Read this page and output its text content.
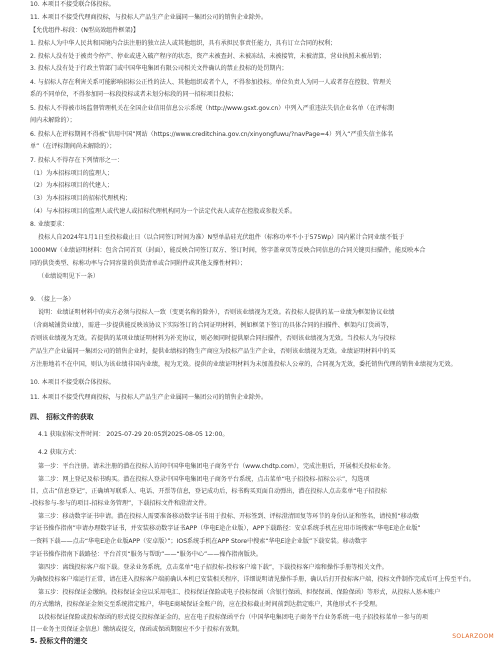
10. 本项目不接受联合体投标。
11. 本项目不接受代理商投标，与投标人产品生产企业属同一集团公司的销售企业除外。
【允优组件-标段：(N型高效组件框架)】
1. 投标人为中华人民共和国境内合法注册的独立法人或其他组织，具有承担民事责任能力，具有订立合同的权利；
2. 投标人没有处于被责令停产、停业或进入破产程序的状态，资产未被查封、未被冻结、未被接管，未被清算，营业执照未被吊销；
3. 投标人没有处于行政主管部门或中国华电集团有限公司相关文件确认的禁止投标的处罚期内；
4. 与招标人存在利害关系可能影响招标公正性的法人、其他组织或者个人，不得参加投标。单位负责人为同一人或者存在控股、管理关
系的不同单位，不得参加同一标段投标或者未划分标段的同一招标项目投标；
5. 投标人不得被市场监督管理机关在全国企业信用信息公示系统（http://www.gsxt.gov.cn）中列入严重违法失信企业名单（在评标期
间内未解除的）；
6. 投标人在评标期间不得被“信用中国”网站（https://www.creditchina.gov.cn/xinyongfuwu/?navPage=4）列入“严重失信主体名
单”（在评标期间尚未解除的）；
7. 投标人不得存在下列情形之一：
（1）为本招标项目的监理人；
（2）为本招标项目的代建人；
（3）为本招标项目的招标代理机构；
（4）与本招标项目的监理人或代建人或招标代理机构同为一个法定代表人或存在控股或参股关系。
8. 业绩要求：
投标人自2024年1月1日至投标截止日（以合同签订时间为准）N型单晶硅光伏组件（标称功率不小于575Wp）国内累计合同业绩不低于
1000MW（业绩证明材料：包含合同首页（封面），能反映合同签订双方、签订时间，签字盖章页等反映合同信息的合同关键页扫描件，能反映本合
同的供货类型、标称功率与合同容量的供货清单或合同附件或其他支撑性材料）；
（业绩说明见下一条）
9. （接上一条）
说明：业绩证明材料中的卖方必须与投标人一致（变更名称的除外），否则该业绩视为无效。若投标人提供的某一业绩为框架协议业绩
（含商城铺货业绩），需进一步提供能反映该协议下实际签订的合同证明材料，例如框架下签订的具体合同的扫描件、框架内订货函等，
否则该业绩视为无效。若提供的某项业绩证明材料为补充协议，则必须同时提供原合同扫描件，否则该业绩视为无效。当投标人为与投标
产品生产企业属同一集团公司的销售企业时，提供业绩标的物生产商应为投标产品生产企业，否则该业绩视为无效。业绩证明材料中的买
方注册地若不在中国，则认为该业绩非国内业绩，视为无效。提供的业绩证明材料为未加盖投标人公章的，合同视为无效，委托销售代理的销售业绩视为无效。
10. 本项目不接受联合体投标。
11. 本项目不接受代理商投标，与投标人产品生产企业属同一集团公司的销售企业除外。
四、 招标文件的获取
4.1 获取招标文件时间： 2025-07-29 20:05到2025-08-05 12:00。
4.2 获取方式：
第一步：平台注册。请未注册的潜在投标人访问中国华电集团电子商务平台（www.chdtp.com），完成注册后，开展相关投标业务。
第二步：网上登记及标书购买。潜在投标人登录中国华电集团电子商务平台系统，点击菜单“电子招投标-招标公示”，勾选项
目，点击“信息登记”，正确填写联系人、电话、开票等信息，登记成功后，标书购买页面自动弹出，潜在投标人点击菜单“电子招投标
-投标参与-参与的项目-招标业务管理”，下载招标文件和澄清文件。
第三步：移动数字证书申请。潜在投标人需要准备移动数字证书用于投标、开标签到、评标澄清回复等环节的身份认证和签名，请按照“移动数
字证书操作指南”申请办理数字证书，并安装移动数字证书APP（华电E途企业版），APP下载路径：安卓系统手机在应用市场搜索“华电E途企业版”
一资料下载——点击“华电E途企业版APP（安卓版）”；IOS系统手机在APP Store中搜索“华电E途企业版”下载安装。移动数字
字证书操作指南下载路径：平台首页“服务与帮助”——“服务中心”——操作指南版块。
第四步：离线投标客户端下载。登录业务系统，点击菜单“电子招投标-投标客户端下载”，下载投标客户端和操作手册等相关文件。
为确保投标客户端运行正常，请在进入投标客户端前确认本机已安装相关程序，详细说明请见操作手册，确认后打开投标客户端，投标文件制作完成后可上传至平台。
第五步：投标保证金缴纳。投标保证金应以采用电汇、投标保证保险或电子投标保函（含银行保函、担保保函、保险保函）等形式，从投标人基本账户
的方式缴纳，投标保证金须交至系统指定账户，华电E商城保证金账户的，应在投标截止时间前到达指定账户，其他形式不予受理。
以投标保证保险或投标保函的形式提交投标保证金的，应在电子投标保函平台（中国华电集团电子商务平台业务系统一电子招投标菜单一参与的项
目一业务主页保证金信息）缴纳或提交，保函或保函期限应不少于投标有效期。
5. 投标文件的递交
SOLARZOOM
